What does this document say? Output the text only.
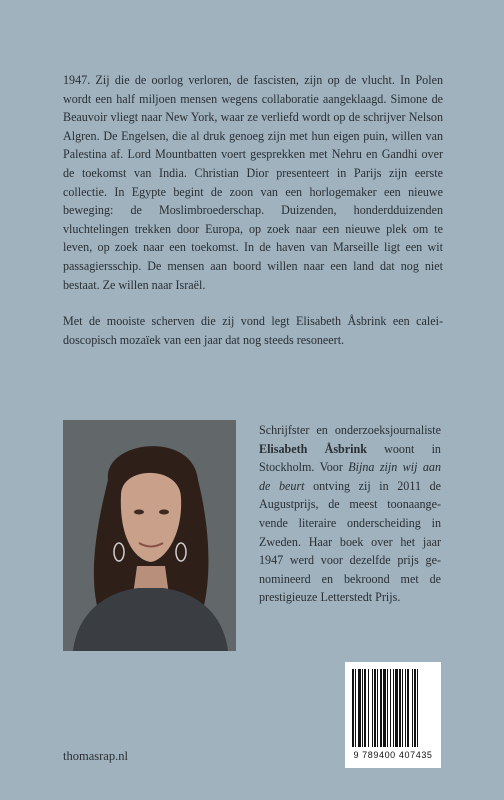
1947. Zij die de oorlog verloren, de fascisten, zijn op de vlucht. In Polen wordt een half miljoen mensen wegens collaboratie aangeklaagd. Simone de Beauvoir vliegt naar New York, waar ze verliefd wordt op de schrijver Nelson Algren. De Engelsen, die al druk genoeg zijn met hun eigen puin, willen van Palestina af. Lord Mountbatten voert gesprekken met Nehru en Gandhi over de toekomst van India. Christian Dior presenteert in Parijs zijn eerste collectie. In Egypte begint de zoon van een horlogemaker een nieuwe beweging: de Moslimbroederschap. Duizenden, honderdduizenden vluchtelingen trekken door Europa, op zoek naar een nieuwe plek om te leven, op zoek naar een toekomst. In de haven van Marseille ligt een wit passagiersschip. De mensen aan boord willen naar een land dat nog niet bestaat. Ze willen naar Israël.

Met de mooiste scherven die zij vond legt Elisabeth Åsbrink een caleidoscopisch mozaïek van een jaar dat nog steeds resoneert.

Schrijfster en onderzoeksjournaliste Elisabeth Åsbrink woont in Stockholm. Voor Bijna zijn wij aan de beurt ontving zij in 2011 de Augustprijs, de meest toonaangevende literaire onderscheiding in Zweden. Haar boek over het jaar 1947 werd voor dezelfde prijs genomineerd en bekroond met de prestigieuze Letterstedt Prijs.

9 789400 407435
thomasrap.nl
